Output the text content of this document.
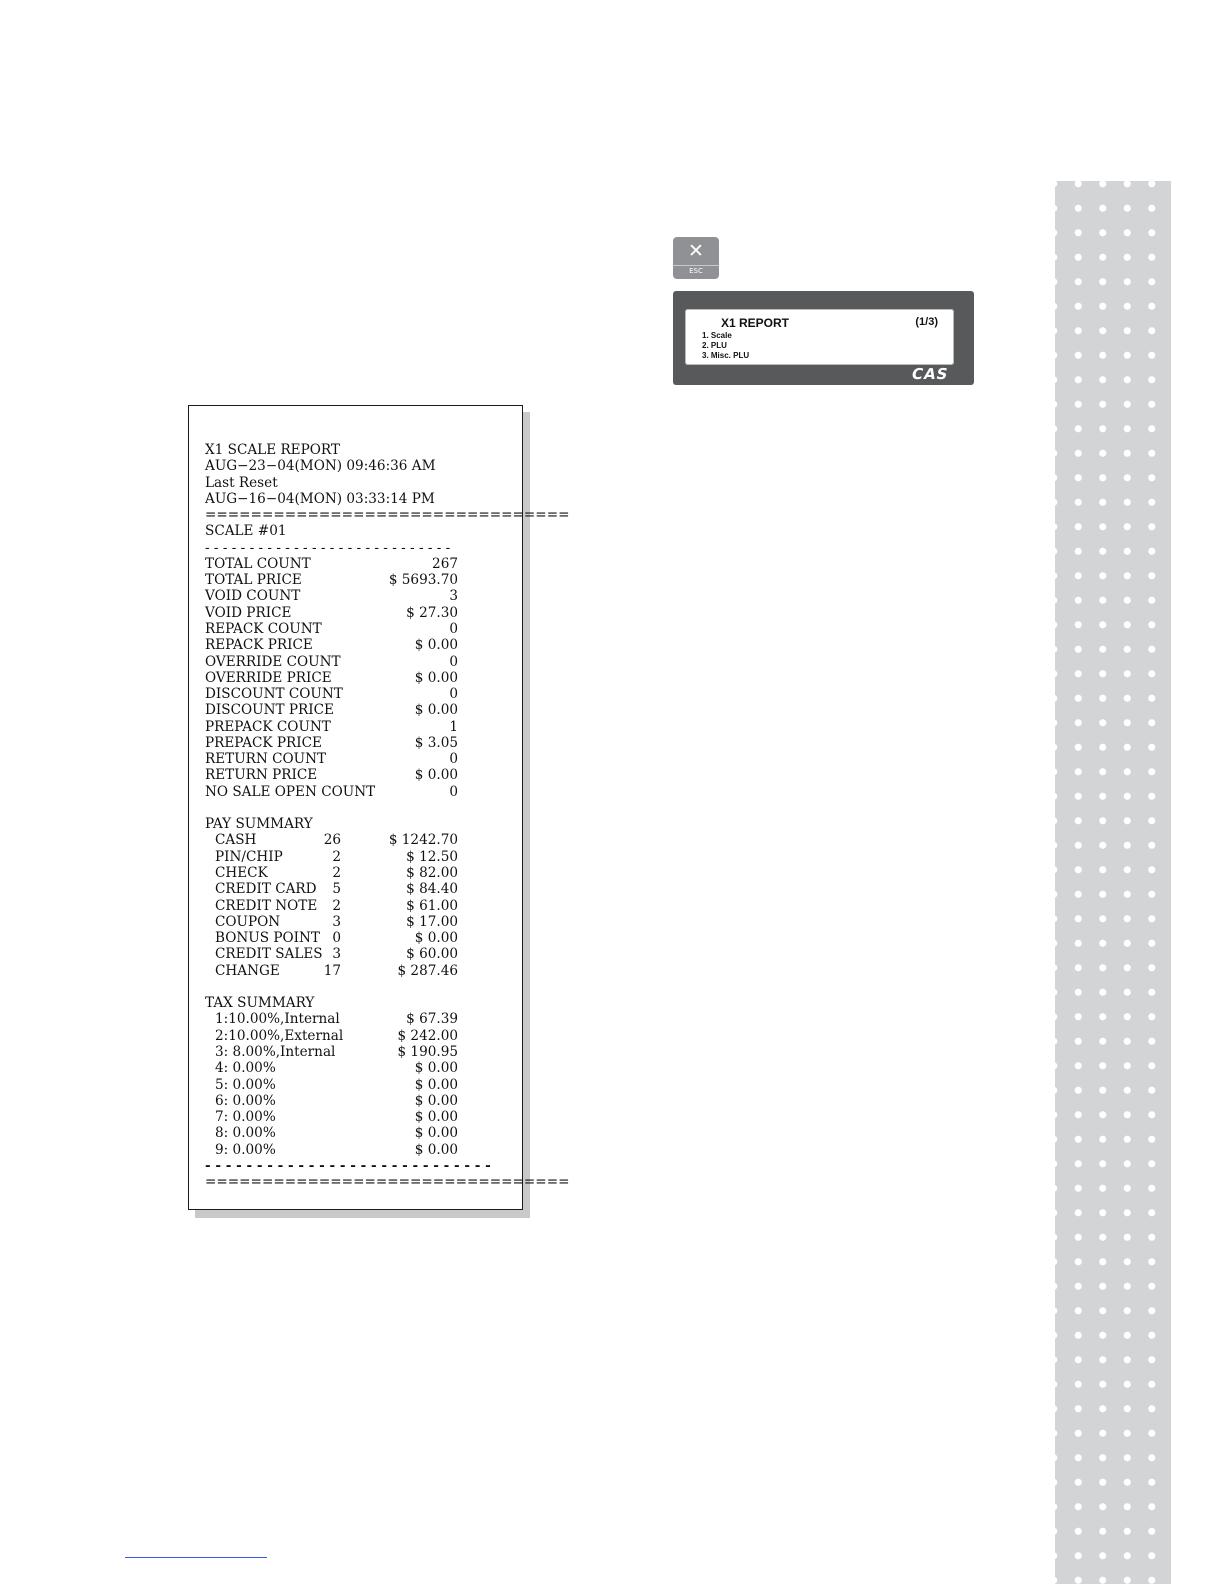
✕
ESC
X1 REPORT	(1/3)
1. Scale
2. PLU
3. Misc. PLU
CAS
X1 SCALE REPORT
AUG−23−04(MON) 09:46:36 AM
Last Reset
AUG−16−04(MON) 03:33:14 PM
================================
SCALE #01
- - - - - - - - - - - - - - - - - - - - - - - - - - - -
TOTAL COUNT	267
TOTAL PRICE	$ 5693.70
VOID COUNT	3
VOID PRICE	$ 27.30
REPACK COUNT	0
REPACK PRICE	$ 0.00
OVERRIDE COUNT	0
OVERRIDE PRICE	$ 0.00
DISCOUNT COUNT	0
DISCOUNT PRICE	$ 0.00
PREPACK COUNT	1
PREPACK PRICE	$ 3.05
RETURN COUNT	0
RETURN PRICE	$ 0.00
NO SALE OPEN COUNT	0
PAY SUMMARY
CASH	26	$ 1242.70
PIN/CHIP	2	$ 12.50
CHECK	2	$ 82.00
CREDIT CARD	5	$ 84.40
CREDIT NOTE	2	$ 61.00
COUPON	3	$ 17.00
BONUS POINT 0	$ 0.00
CREDIT SALES 3	$ 60.00
CHANGE	17	$ 287.46
TAX SUMMARY
1:10.00%,Internal	$ 67.39
2:10.00%,External	$ 242.00
3: 8.00%,Internal	$ 190.95
4: 0.00%	$ 0.00
5: 0.00%	$ 0.00
6: 0.00%	$ 0.00
7: 0.00%	$ 0.00
8: 0.00%	$ 0.00
9: 0.00%	$ 0.00
- - - - - - - - - - - - - - - - - - - - - - - - - - - -
================================
